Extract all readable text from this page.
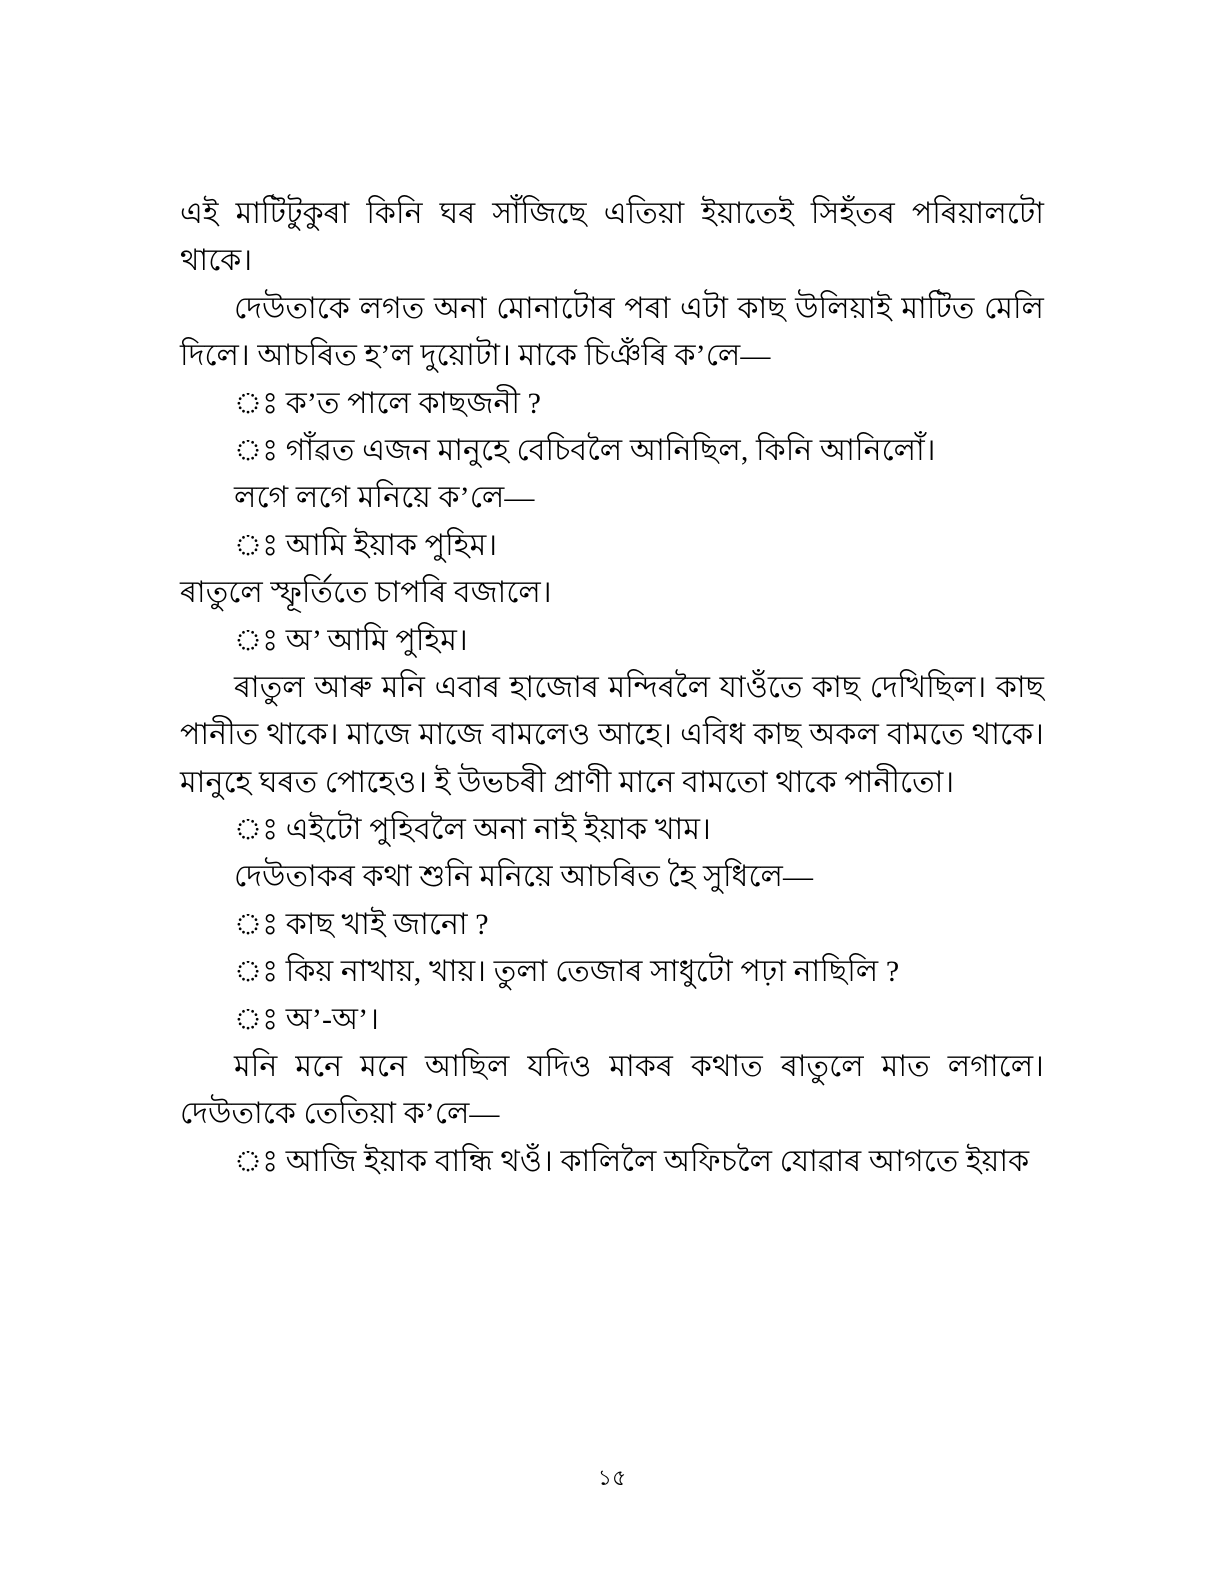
এই মাটিটুকুৰা কিনি ঘৰ সাঁজিছে এতিয়া ইয়াতেই সিহঁতৰ পৰিয়ালটো থাকে।

দেউতাকে লগত অনা মোনাটোৰ পৰা এটা কাছ উলিয়াই মাটিত মেলি দিলে। আচৰিত হ’ল দুয়োটা। মাকে চিঞঁৰি ক’লে—

ঃ ক’ত পালে কাছজনী ?

ঃ গাঁৱত এজন মানুহে বেচিবলৈ আনিছিল, কিনি আনিলোঁ।

লগে লগে মনিয়ে ক’লে—

ঃ আমি ইয়াক পুহিম।

ৰাতুলে স্ফূৰ্তিতে চাপৰি বজালে।

ঃ অ’ আমি পুহিম।

ৰাতুল আৰু মনি এবাৰ হাজোৰ মন্দিৰলৈ যাওঁতে কাছ দেখিছিল। কাছ পানীত থাকে। মাজে মাজে বামলেও আহে। এবিধ কাছ অকল বামতে থাকে। মানুহে ঘৰত পোহেও। ই উভচৰী প্ৰাণী মানে বামতো থাকে পানীতো।

ঃ এইটো পুহিবলৈ অনা নাই ইয়াক খাম।

দেউতাকৰ কথা শুনি মনিয়ে আচৰিত হৈ সুধিলে—

ঃ কাছ খাই জানো ?

ঃ কিয় নাখায়, খায়। তুলা তেজাৰ সাধুটো পঢ়া নাছিলি ?

ঃ অ’-অ’।

মনি মনে মনে আছিল যদিও মাকৰ কথাত ৰাতুলে মাত লগালে। দেউতাকে তেতিয়া ক’লে—

ঃ আজি ইয়াক বান্ধি থওঁ। কালিলৈ অফিচলৈ যোৱাৰ আগতে ইয়াক

১৫
